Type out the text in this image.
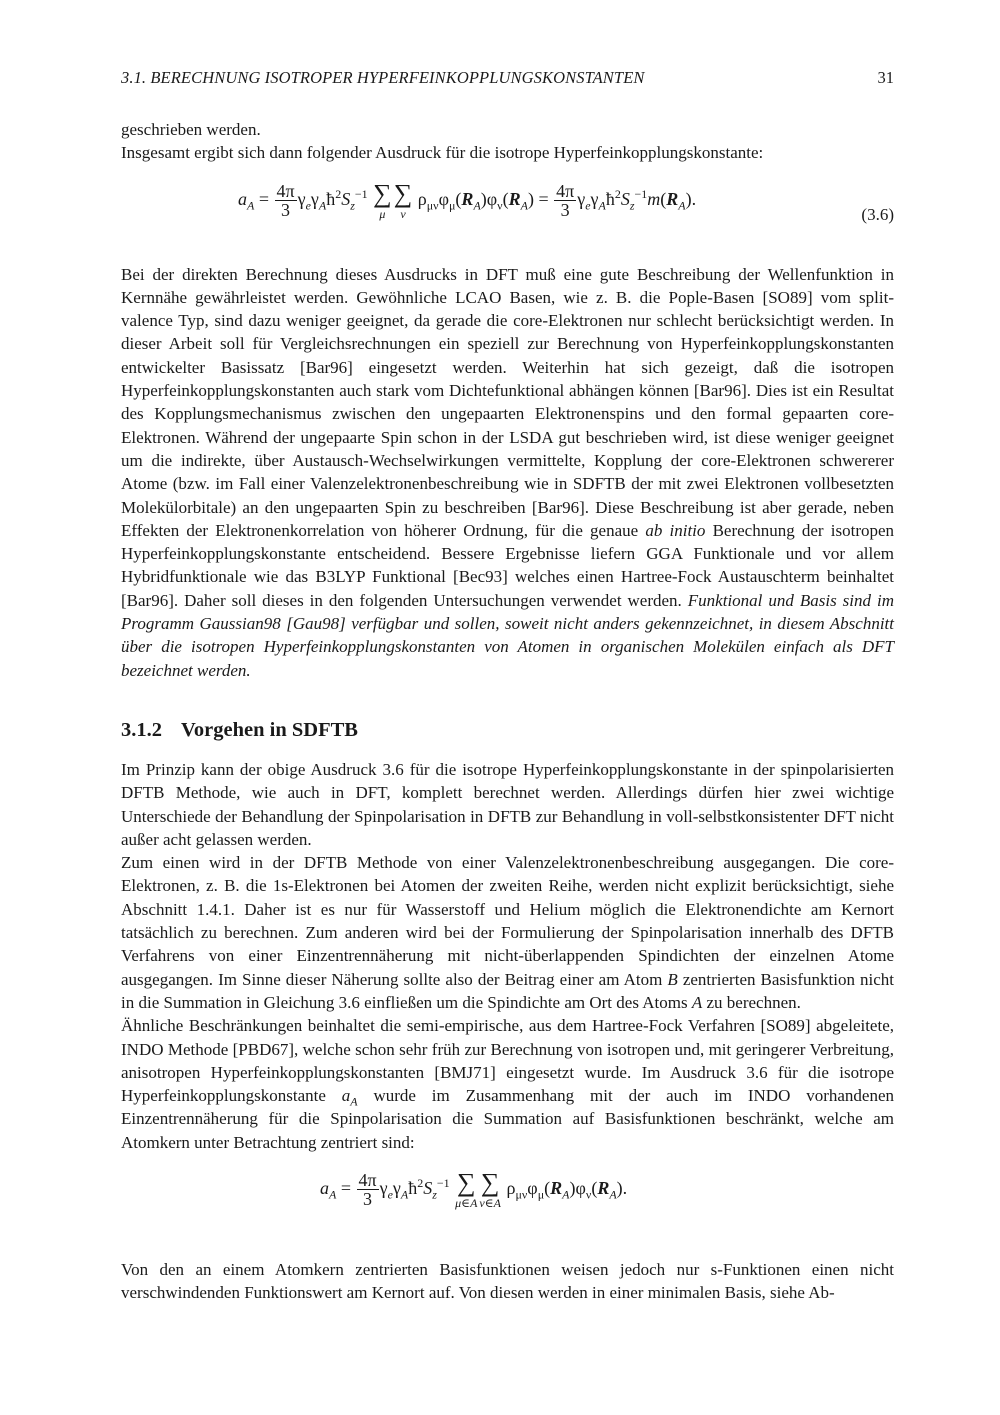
3.1. BERECHNUNG ISOTROPER HYPERFEINKOPPLUNGSKONSTANTEN	31

geschrieben werden.

Insgesamt ergibt sich dann folgender Ausdruck für die isotrope Hyperfeinkopplungskonstante:

$a_A = \frac{4\pi}{3}$ $\gamma_e\gamma_Aħ^2S_z^{-1}$ ∑
μ
∑
ν
$\rho_{\mu\nu}\varphi_\mu(R_A)\varphi_\nu(R_A) = \frac{4\pi}{3}$ $\gamma_e\gamma_Aħ^2S_z^{-1}m(R_A)$.
(3.6)

Bei der direkten Berechnung dieses Ausdrucks in DFT muß eine gute Beschreibung der Wellenfunktion in Kernnähe gewährleistet werden. Gewöhnliche LCAO Basen, wie z. B. die Pople-Basen [SO89] vom split-valence Typ, sind dazu weniger geeignet, da gerade die core-Elektronen nur schlecht berücksichtigt werden. In dieser Arbeit soll für Vergleichsrechnungen ein speziell zur Berechnung von Hyperfeinkopplungskonstanten entwickelter Basissatz [Bar96] eingesetzt werden. Weiterhin hat sich gezeigt, daß die isotropen Hyperfeinkopplungskonstanten auch stark vom Dichtefunktional abhängen können [Bar96]. Dies ist ein Resultat des Kopplungsmechanismus zwischen den ungepaarten Elektronenspins und den formal gepaarten core-Elektronen. Während der ungepaarte Spin schon in der LSDA gut beschrieben wird, ist diese weniger geeignet um die indirekte, über Austausch-Wechselwirkungen vermittelte, Kopplung der core-Elektronen schwererer Atome (bzw. im Fall einer Valenzelektronenbeschreibung wie in SDFTB der mit zwei Elektronen vollbesetzten Molekülorbitale) an den ungepaarten Spin zu beschreiben [Bar96]. Diese Beschreibung ist aber gerade, neben Effekten der Elektronenkorrelation von höherer Ordnung, für die genaue ab initio Berechnung der isotropen Hyperfeinkopplungskonstante entscheidend. Bessere Ergebnisse liefern GGA Funktionale und vor allem Hybridfunktionale wie das B3LYP Funktional [Bec93] welches einen Hartree-Fock Austauschterm beinhaltet [Bar96]. Daher soll dieses in den folgenden Untersuchungen verwendet werden. Funktional und Basis sind im Programm Gaussian98 [Gau98] verfügbar und sollen, soweit nicht anders gekennzeichnet, in diesem Abschnitt über die isotropen Hyperfeinkopplungskonstanten von Atomen in organischen Molekülen einfach als DFT bezeichnet werden.

3.1.2 Vorgehen in SDFTB

Im Prinzip kann der obige Ausdruck 3.6 für die isotrope Hyperfeinkopplungskonstante in der spinpolarisierten DFTB Methode, wie auch in DFT, komplett berechnet werden. Allerdings dürfen hier zwei wichtige Unterschiede der Behandlung der Spinpolarisation in DFTB zur Behandlung in voll-selbstkonsistenter DFT nicht außer acht gelassen werden.

Zum einen wird in der DFTB Methode von einer Valenzelektronenbeschreibung ausgegangen. Die core-Elektronen, z. B. die 1s-Elektronen bei Atomen der zweiten Reihe, werden nicht explizit berücksichtigt, siehe Abschnitt 1.4.1. Daher ist es nur für Wasserstoff und Helium möglich die Elektronendichte am Kernort tatsächlich zu berechnen. Zum anderen wird bei der Formulierung der Spinpolarisation innerhalb des DFTB Verfahrens von einer Einzentrennäherung mit nicht-überlappenden Spindichten der einzelnen Atome ausgegangen. Im Sinne dieser Näherung sollte also der Beitrag einer am Atom B zentrierten Basisfunktion nicht in die Summation in Gleichung 3.6 einfließen um die Spindichte am Ort des Atoms A zu berechnen.

Ähnliche Beschränkungen beinhaltet die semi-empirische, aus dem Hartree-Fock Verfahren [SO89] abgeleitete, INDO Methode [PBD67], welche schon sehr früh zur Berechnung von isotropen und, mit geringerer Verbreitung, anisotropen Hyperfeinkopplungskonstanten [BMJ71] eingesetzt wurde. Im Ausdruck 3.6 für die isotrope Hyperfeinkopplungskonstante $a_A$ wurde im Zusammenhang mit der auch im INDO vorhandenen Einzentrennäherung für die Spinpolarisation die Summation auf Basisfunktionen beschränkt, welche am Atomkern unter Betrachtung zentriert sind:

$a_A = \frac{4\pi}{3}$ $\gamma_e\gamma_Aħ^2S_z^{-1}$ ∑
μ∈A
∑
ν∈A
$\rho_{\mu\nu}\varphi_\mu(R_A)\varphi_\nu(R_A)$.

Von den an einem Atomkern zentrierten Basisfunktionen weisen jedoch nur s-Funktionen einen nicht verschwindenden Funktionswert am Kernort auf. Von diesen werden in einer minimalen Basis, siehe Ab-
